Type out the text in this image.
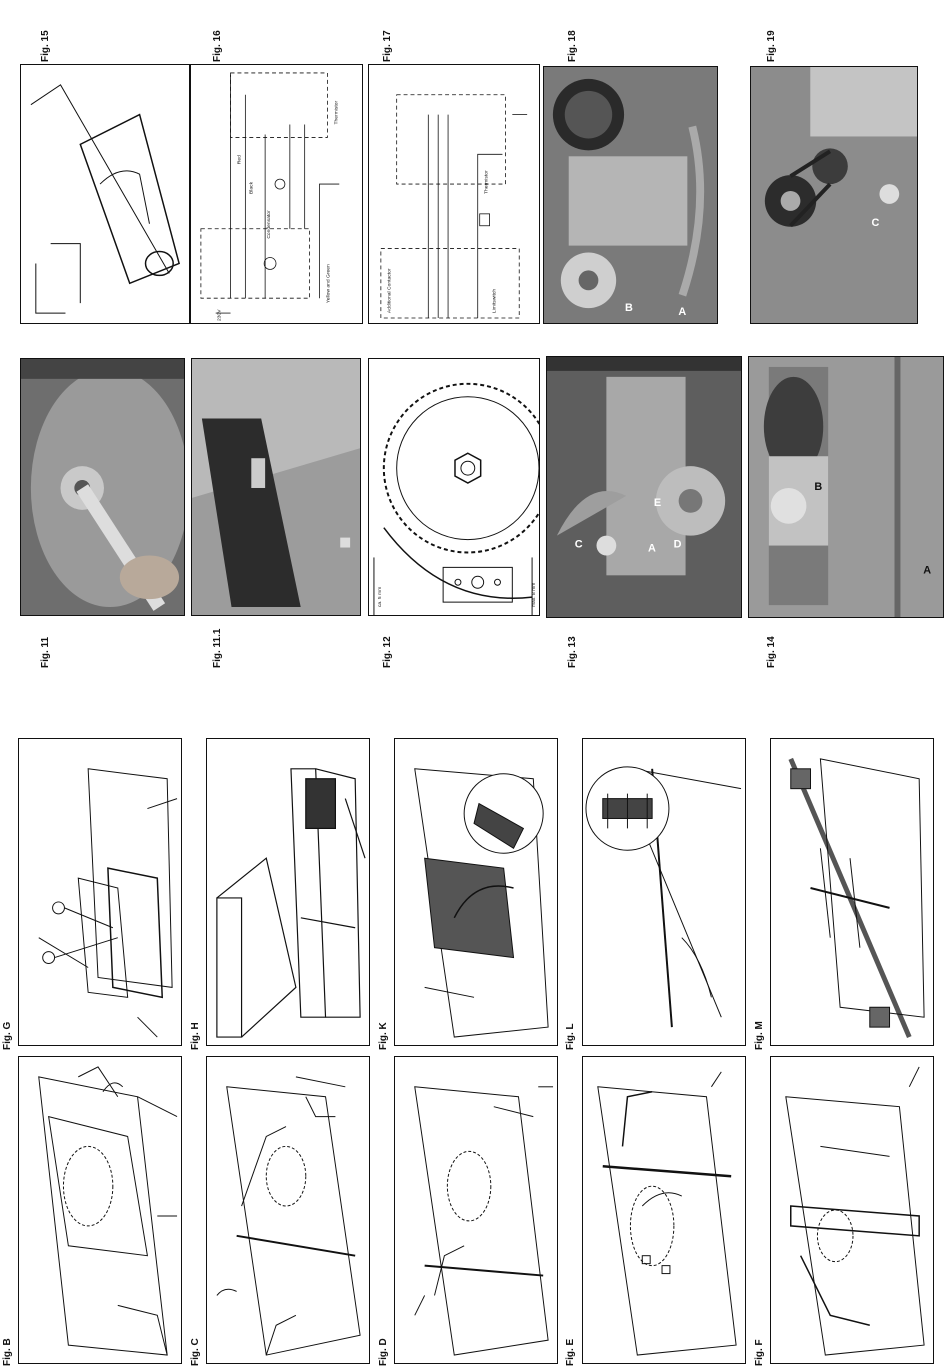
Fig. B	Fig. C	Fig. D	Fig. E	Fig. F
Fig. G	Fig. H	Fig. K	Fig. L	Fig. M
Fig. 11	Fig. 11.1	Fig. 12	Fig. 13	Fig. 14
Fig. 15	Fig. 16	Fig. 17	Fig. 18	Fig. 19
ca. 5 mm	max. 8 mm
C	A
E
D
B
A
Red
Black
Condensator
Yellow and Green
Thermistor
230V
Additional Contactor
Thermistor
Limitswitch	B	A
C
